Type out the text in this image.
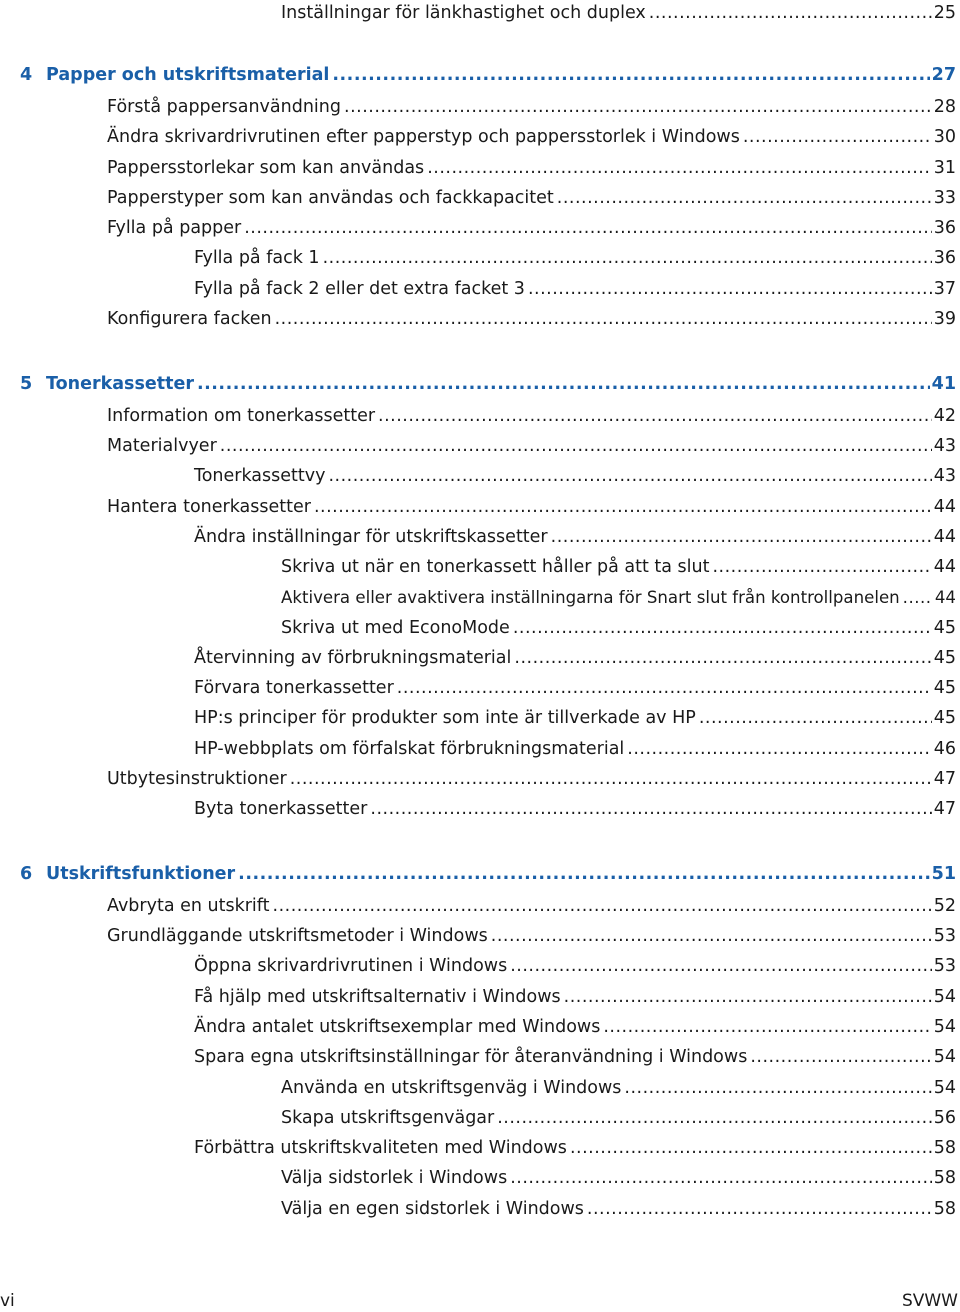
Inställningar för länkhastighet och duplex .....	25
4 Papper och utskriftsmaterial .....	27
Förstå pappersanvändning .....	28
Ändra skrivardrivrutinen efter papperstyp och pappersstorlek i Windows .....	30
Pappersstorlekar som kan användas .....	31
Papperstyper som kan användas och fackkapacitet .....	33
Fylla på papper .....	36
Fylla på fack 1 .....	36
Fylla på fack 2 eller det extra facket 3 .....	37
Konfigurera facken .....	39
5 Tonerkassetter .....	41
Information om tonerkassetter .....	42
Materialvyer .....	43
Tonerkassettvy .....	43
Hantera tonerkassetter .....	44
Ändra inställningar för utskriftskassetter .....	44
Skriva ut när en tonerkassett håller på att ta slut .....	44
Aktivera eller avaktivera inställningarna för Snart slut från kontrollpanelen ..... 44
Skriva ut med EconoMode .....	45
Återvinning av förbrukningsmaterial .....	45
Förvara tonerkassetter .....	45
HP:s principer för produkter som inte är tillverkade av HP .....	45
HP-webbplats om förfalskat förbrukningsmaterial .....	46
Utbytesinstruktioner .....	47
Byta tonerkassetter .....	47
6 Utskriftsfunktioner .....	51
Avbryta en utskrift .....	52
Grundläggande utskriftsmetoder i Windows .....	53
Öppna skrivardrivrutinen i Windows .....	53
Få hjälp med utskriftsalternativ i Windows .....	54
Ändra antalet utskriftsexemplar med Windows .....	54
Spara egna utskriftsinställningar för återanvändning i Windows .....	54
Använda en utskriftsgenväg i Windows .....	54
Skapa utskriftsgenvägar .....	56
Förbättra utskriftskvaliteten med Windows .....	58
Välja sidstorlek i Windows .....	58
Välja en egen sidstorlek i Windows .....	58
vi	SVWW
